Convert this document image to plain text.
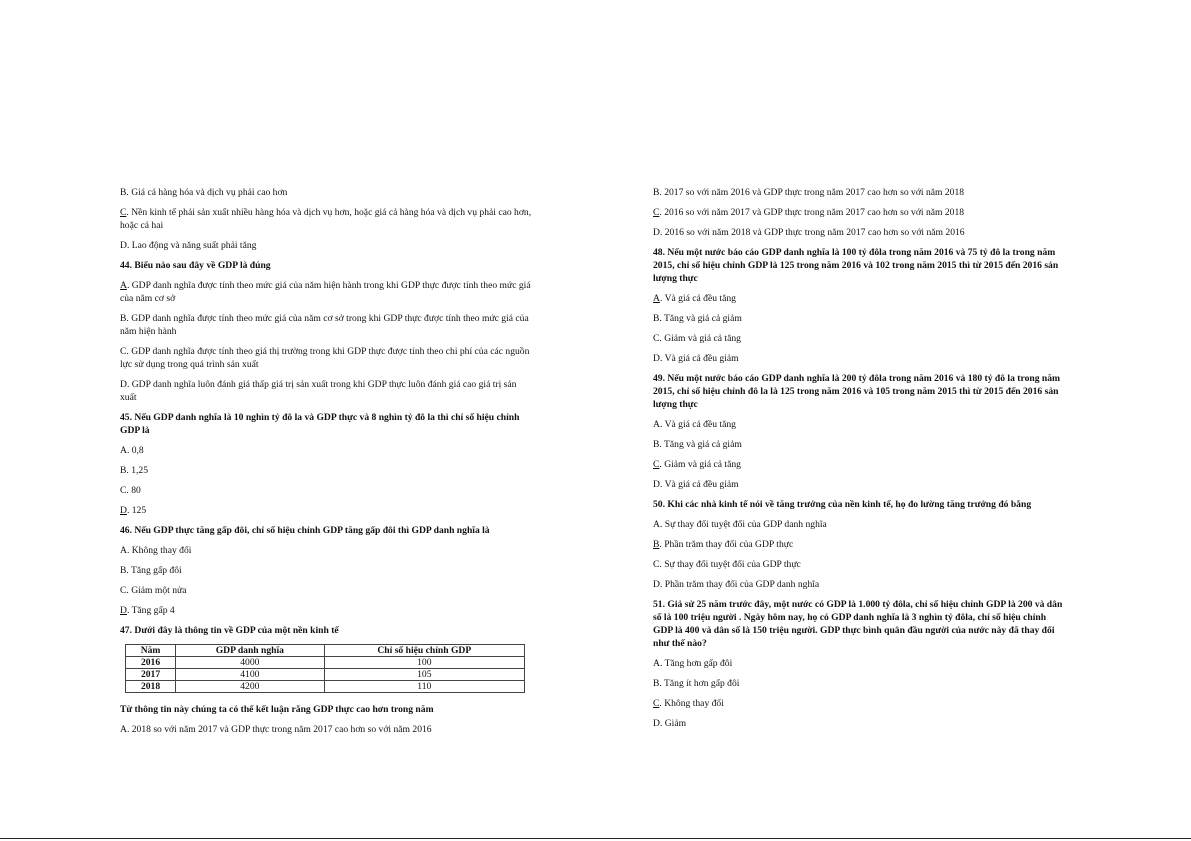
B. Giá cả hàng hóa và dịch vụ phải cao hơn

C. Nền kinh tế phải sản xuất nhiều hàng hóa và dịch vụ hơn, hoặc giá cả hàng hóa và dịch vụ phải cao hơn, hoặc cả hai

D. Lao động và năng suất phải tăng

44. Biểu nào sau đây về GDP là đúng

A. GDP danh nghĩa được tính theo mức giá của năm hiện hành trong khi GDP thực được tính theo mức giá của năm cơ sở

B. GDP danh nghĩa được tính theo mức giá của năm cơ sở trong khi GDP thực được tính theo mức giá của năm hiện hành

C. GDP danh nghĩa được tính theo giá thị trường trong khi GDP thực được tính theo chi phí của các nguồn lực sử dụng trong quá trình sản xuất

D. GDP danh nghĩa luôn đánh giá thấp giá trị sản xuất trong khi GDP thực luôn đánh giá cao giá trị sản xuất

45. Nếu GDP danh nghĩa là 10 nghìn tỷ đô la và GDP thực và 8 nghìn tỷ đô la thì chỉ số hiệu chỉnh GDP là

A. 0,8

B. 1,25

C. 80

D. 125

46. Nếu GDP thực tăng gấp đôi, chỉ số hiệu chỉnh GDP tăng gấp đôi thì GDP danh nghĩa là

A. Không thay đổi

B. Tăng gấp đôi

C. Giảm một nửa

D. Tăng gấp 4

47. Dưới đây là thông tin về GDP của một nền kinh tế

Năm	GDP danh nghĩa	Chỉ số hiệu chỉnh GDP
2016	4000	100
2017	4100	105
2018	4200	110

Từ thông tin này chúng ta có thể kết luận rằng GDP thực cao hơn trong năm

A. 2018 so với năm 2017 và GDP thực trong năm 2017 cao hơn so với năm 2016

B. 2017 so với năm 2016 và GDP thực trong năm 2017 cao hơn so với năm 2018

C. 2016 so với năm 2017 và GDP thực trong năm 2017 cao hơn so với năm 2018

D. 2016 so với năm 2018 và GDP thực trong năm 2017 cao hơn so với năm 2016

48. Nếu một nước báo cáo GDP danh nghĩa là 100 tỷ đôla trong năm 2016 và 75 tỷ đô la trong năm 2015, chỉ số hiệu chỉnh GDP là 125 trong năm 2016 và 102 trong năm 2015 thì từ 2015 đến 2016 sản lượng thực

A. Và giá cả đều tăng

B. Tăng và giá cả giảm

C. Giảm và giá cả tăng

D. Và giá cả đều giảm

49. Nếu một nước báo cáo GDP danh nghĩa là 200 tỷ đôla trong năm 2016 và 180 tỷ đô la trong năm 2015, chỉ số hiệu chỉnh đô la là 125 trong năm 2016 và 105 trong năm 2015 thì từ 2015 đến 2016 sản lượng thực

A. Và giá cả đều tăng

B. Tăng và giá cả giảm

C. Giảm và giá cả tăng

D. Và giá cả đều giảm

50. Khi các nhà kinh tế nói về tăng trưởng của nền kinh tế, họ đo lường tăng trưởng đó bằng

A. Sự thay đổi tuyệt đối của GDP danh nghĩa

B. Phần trăm thay đổi của GDP thực

C. Sự thay đổi tuyệt đối của GDP thực

D. Phần trăm thay đổi của GDP danh nghĩa

51. Giả sử 25 năm trước đây, một nước có GDP là 1.000 tỷ đôla, chỉ số hiệu chỉnh GDP là 200 và dân số là 100 triệu người . Ngày hôm nay, họ có GDP danh nghĩa là 3 nghìn tỷ đôla, chỉ số hiệu chỉnh GDP là 400 và dân số là 150 triệu người. GDP thực bình quân đầu người của nước này đã thay đổi như thế nào?

A. Tăng hơn gấp đôi

B. Tăng ít hơn gấp đôi

C. Không thay đổi

D. Giảm
